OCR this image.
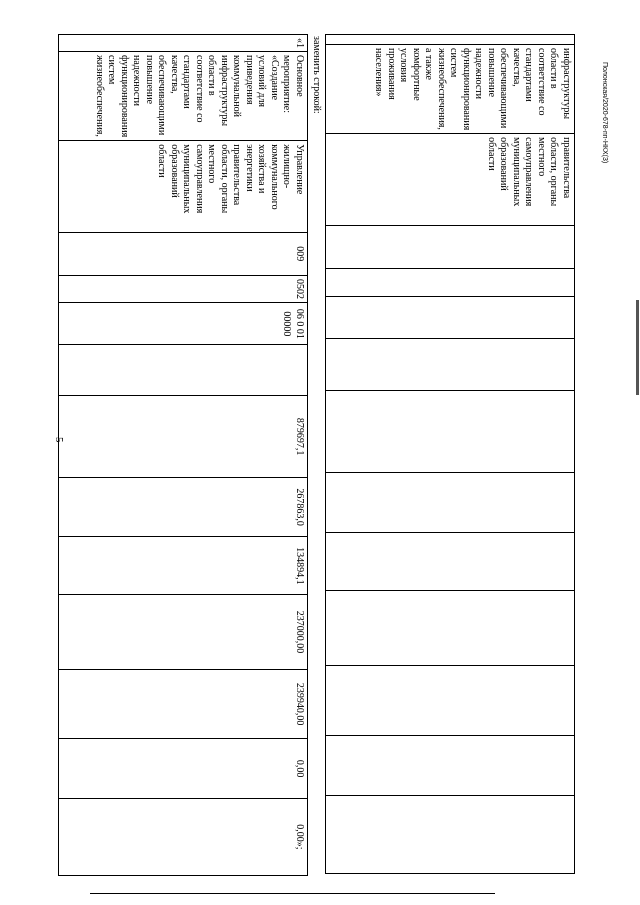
5
Полонская/2020-678-пп-НКХ(3)
	инфраструктуры области в соответствие со стандартами качества, обеспечивающими повышение надежности функционирования систем жизнеобеспечения, а также комфортные условия проживания населения»	правительства области, органы местного самоуправления муниципальных образований области											
заменить строкой:
«1	Основное мероприятие: «Создание условий для приведения коммунальной инфраструктуры области в соответствие со стандартами качества, обеспечивающими повышение надежности функционирования систем жизнеобеспечения,	Управление жилищно-коммунального хозяйства и энергетики правительства области, органы местного самоуправления муниципальных образований области	009	0502	06 0 01 00000		879697,1	267863,0	134894,1	237000,00	239940,00	0,00	0,00»;
